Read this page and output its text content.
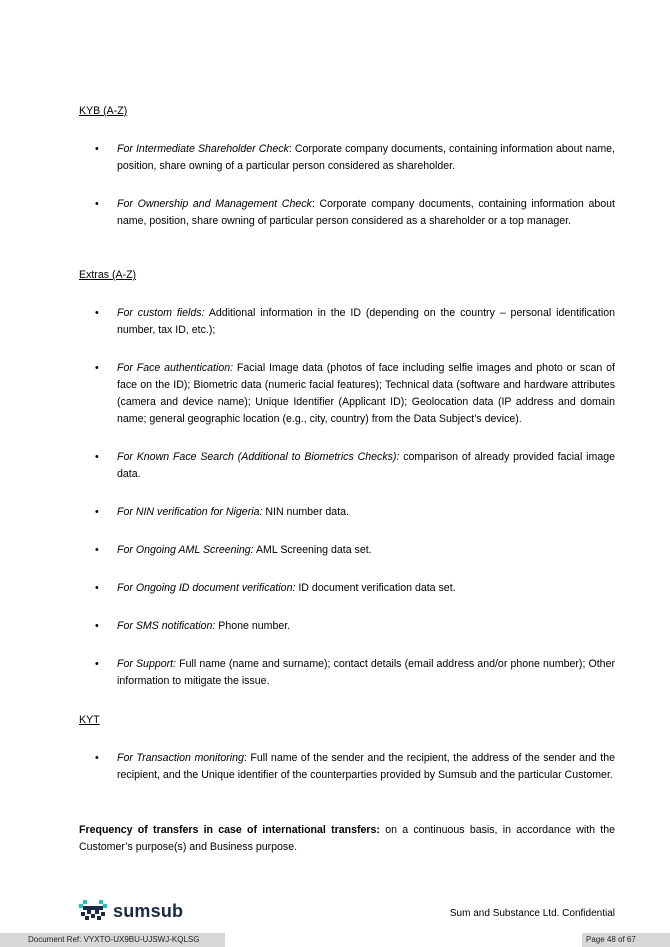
KYB (A-Z)
• For Intermediate Shareholder Check: Corporate company documents, containing information about name, position, share owning of a particular person considered as shareholder.
• For Ownership and Management Check: Corporate company documents, containing information about name, position, share owning of particular person considered as a shareholder or a top manager.
Extras (A-Z)
• For custom fields: Additional information in the ID (depending on the country – personal identification number, tax ID, etc.);
• For Face authentication: Facial Image data (photos of face including selfie images and photo or scan of face on the ID); Biometric data (numeric facial features); Technical data (software and hardware attributes (camera and device name); Unique Identifier (Applicant ID); Geolocation data (IP address and domain name; general geographic location (e.g., city, country) from the Data Subject’s device).
• For Known Face Search (Additional to Biometrics Checks): comparison of already provided facial image data.
• For NIN verification for Nigeria: NIN number data.
• For Ongoing AML Screening: AML Screening data set.
• For Ongoing ID document verification: ID document verification data set.
• For SMS notification: Phone number.
• For Support: Full name (name and surname); contact details (email address and/or phone number); Other information to mitigate the issue.
KYT
• For Transaction monitoring: Full name of the sender and the recipient, the address of the sender and the recipient, and the Unique identifier of the counterparties provided by Sumsub and the particular Customer.
Frequency of transfers in case of international transfers: on a continuous basis, in accordance with the Customer’s purpose(s) and Business purpose.
sumsub	Sum and Substance Ltd. Confidential
Document Ref: VYXTO-UX9BU-UJSWJ-KQLSG	Page 48 of 67
